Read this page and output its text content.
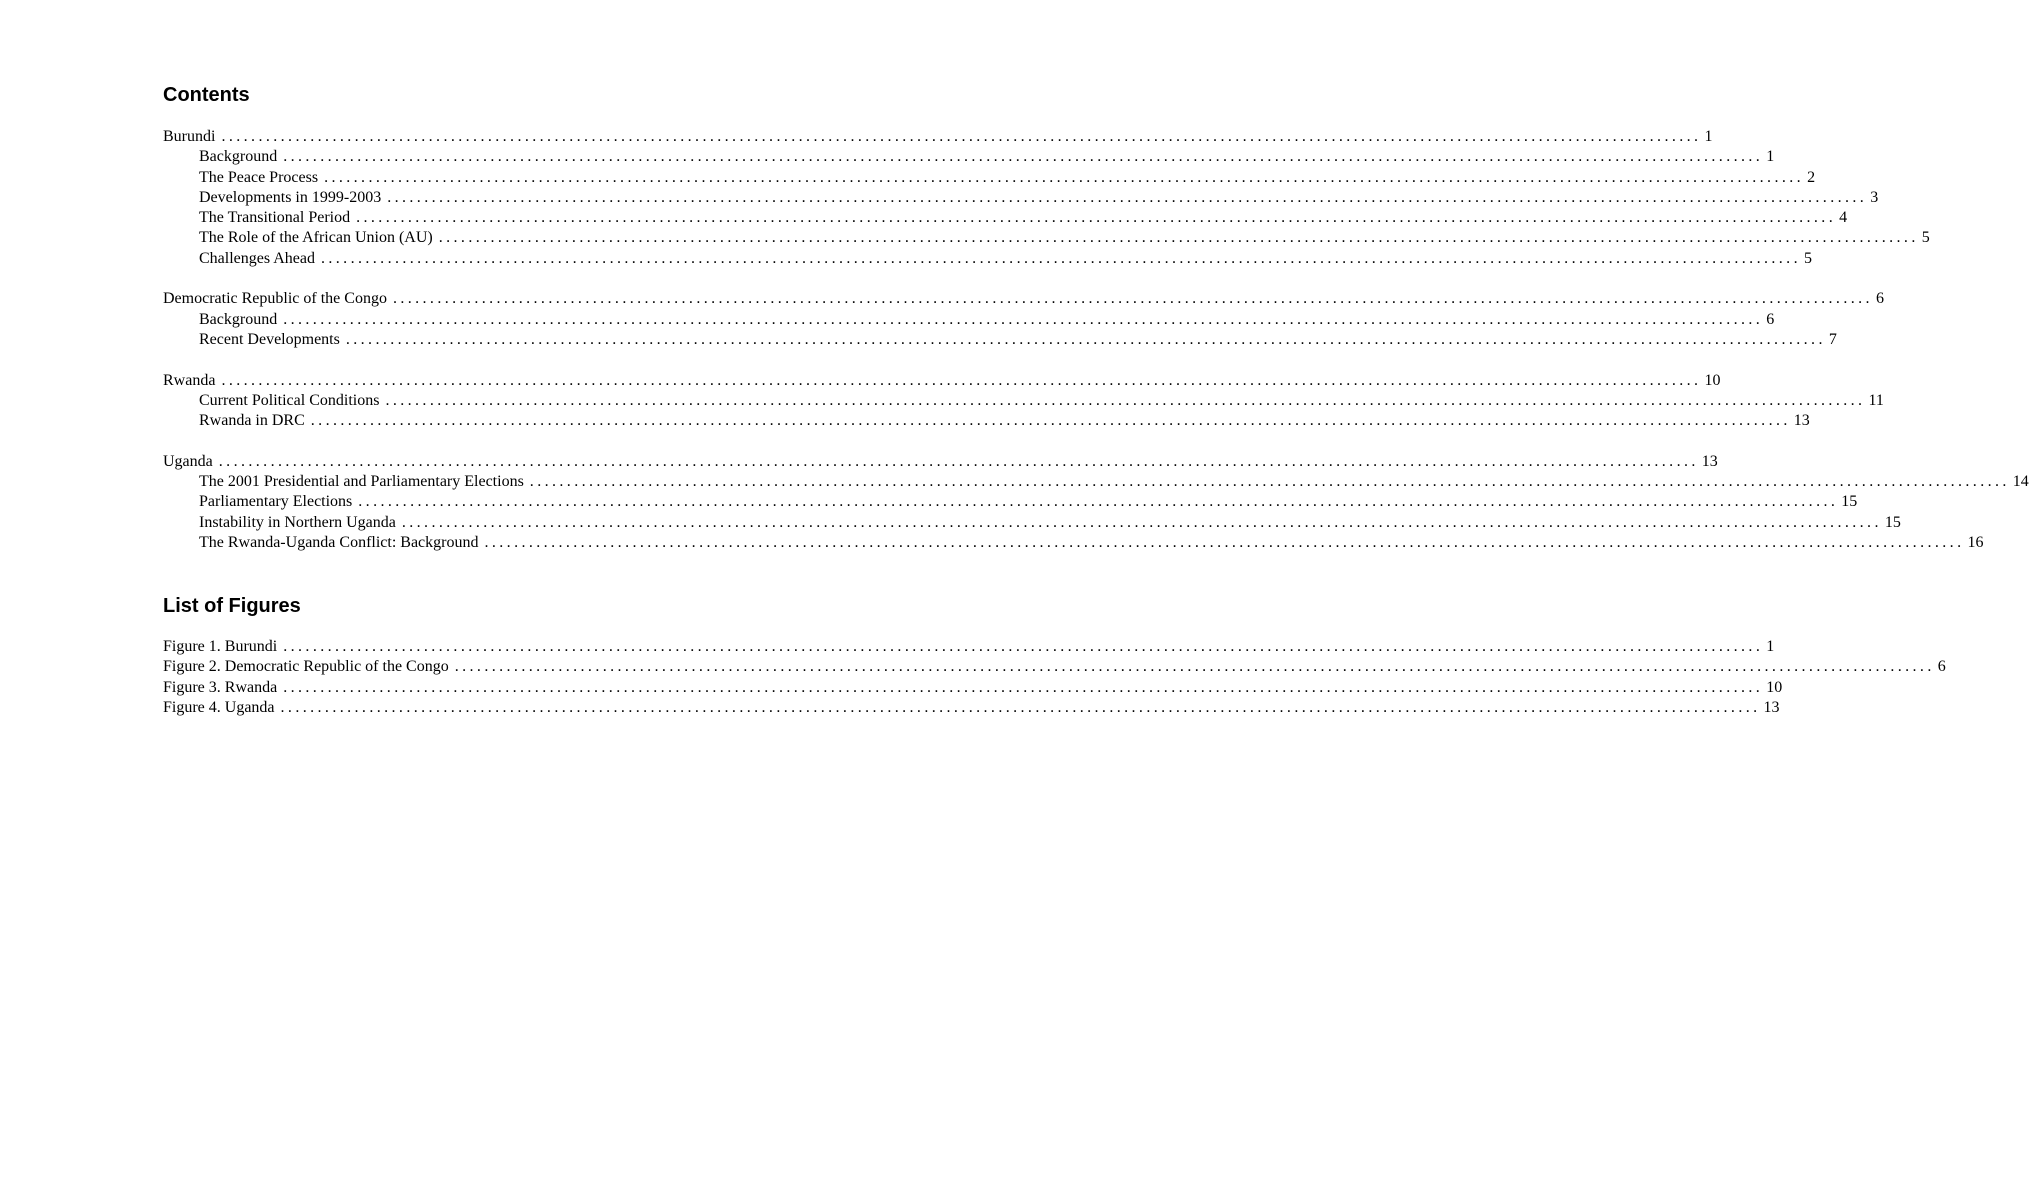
Contents
Burundi ........................................................................................................................................................................................................ 1
Background ........................................................................................................................................................................................................ 1
The Peace Process ........................................................................................................................................................................................................ 2
Developments in 1999-2003 ........................................................................................................................................................................................................ 3
The Transitional Period ........................................................................................................................................................................................................ 4
The Role of the African Union (AU) ........................................................................................................................................................................................................ 5
Challenges Ahead ........................................................................................................................................................................................................ 5
Democratic Republic of the Congo ........................................................................................................................................................................................................ 6
Background ........................................................................................................................................................................................................ 6
Recent Developments ........................................................................................................................................................................................................ 7
Rwanda ........................................................................................................................................................................................................ 10
Current Political Conditions ........................................................................................................................................................................................................ 11
Rwanda in DRC ........................................................................................................................................................................................................ 13
Uganda ........................................................................................................................................................................................................ 13
The 2001 Presidential and Parliamentary Elections ........................................................................................................................................................................................................ 14
Parliamentary Elections ........................................................................................................................................................................................................ 15
Instability in Northern Uganda ........................................................................................................................................................................................................ 15
The Rwanda-Uganda Conflict: Background ........................................................................................................................................................................................................ 16
List of Figures
Figure 1. Burundi ........................................................................................................................................................................................................ 1
Figure 2. Democratic Republic of the Congo ........................................................................................................................................................................................................ 6
Figure 3. Rwanda ........................................................................................................................................................................................................ 10
Figure 4. Uganda ........................................................................................................................................................................................................ 13
